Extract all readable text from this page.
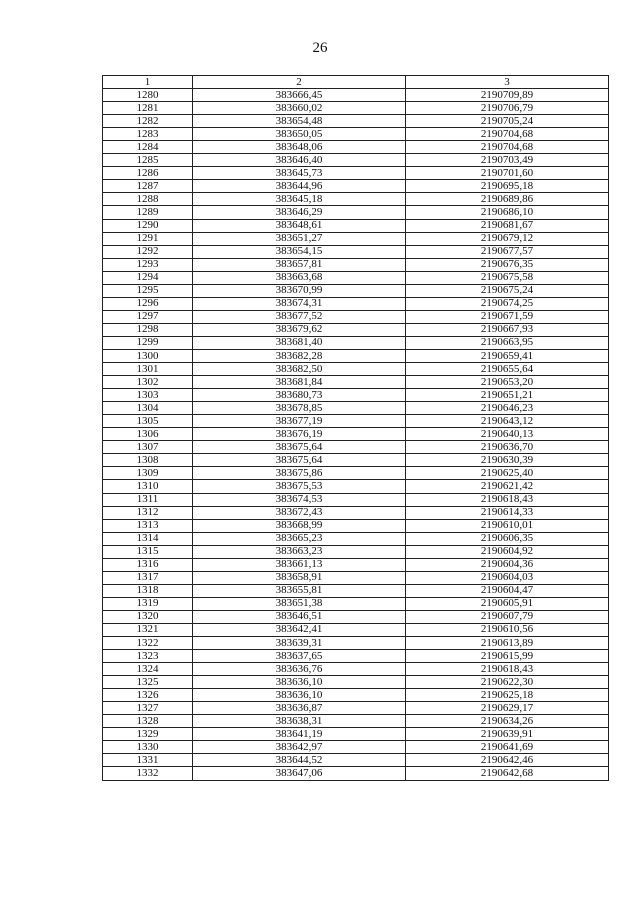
26
1	2	3
1280	383666,45	2190709,89
1281	383660,02	2190706,79
1282	383654,48	2190705,24
1283	383650,05	2190704,68
1284	383648,06	2190704,68
1285	383646,40	2190703,49
1286	383645,73	2190701,60
1287	383644,96	2190695,18
1288	383645,18	2190689,86
1289	383646,29	2190686,10
1290	383648,61	2190681,67
1291	383651,27	2190679,12
1292	383654,15	2190677,57
1293	383657,81	2190676,35
1294	383663,68	2190675,58
1295	383670,99	2190675,24
1296	383674,31	2190674,25
1297	383677,52	2190671,59
1298	383679,62	2190667,93
1299	383681,40	2190663,95
1300	383682,28	2190659,41
1301	383682,50	2190655,64
1302	383681,84	2190653,20
1303	383680,73	2190651,21
1304	383678,85	2190646,23
1305	383677,19	2190643,12
1306	383676,19	2190640,13
1307	383675,64	2190636,70
1308	383675,64	2190630,39
1309	383675,86	2190625,40
1310	383675,53	2190621,42
1311	383674,53	2190618,43
1312	383672,43	2190614,33
1313	383668,99	2190610,01
1314	383665,23	2190606,35
1315	383663,23	2190604,92
1316	383661,13	2190604,36
1317	383658,91	2190604,03
1318	383655,81	2190604,47
1319	383651,38	2190605,91
1320	383646,51	2190607,79
1321	383642,41	2190610,56
1322	383639,31	2190613,89
1323	383637,65	2190615,99
1324	383636,76	2190618,43
1325	383636,10	2190622,30
1326	383636,10	2190625,18
1327	383636,87	2190629,17
1328	383638,31	2190634,26
1329	383641,19	2190639,91
1330	383642,97	2190641,69
1331	383644,52	2190642,46
1332	383647,06	2190642,68
